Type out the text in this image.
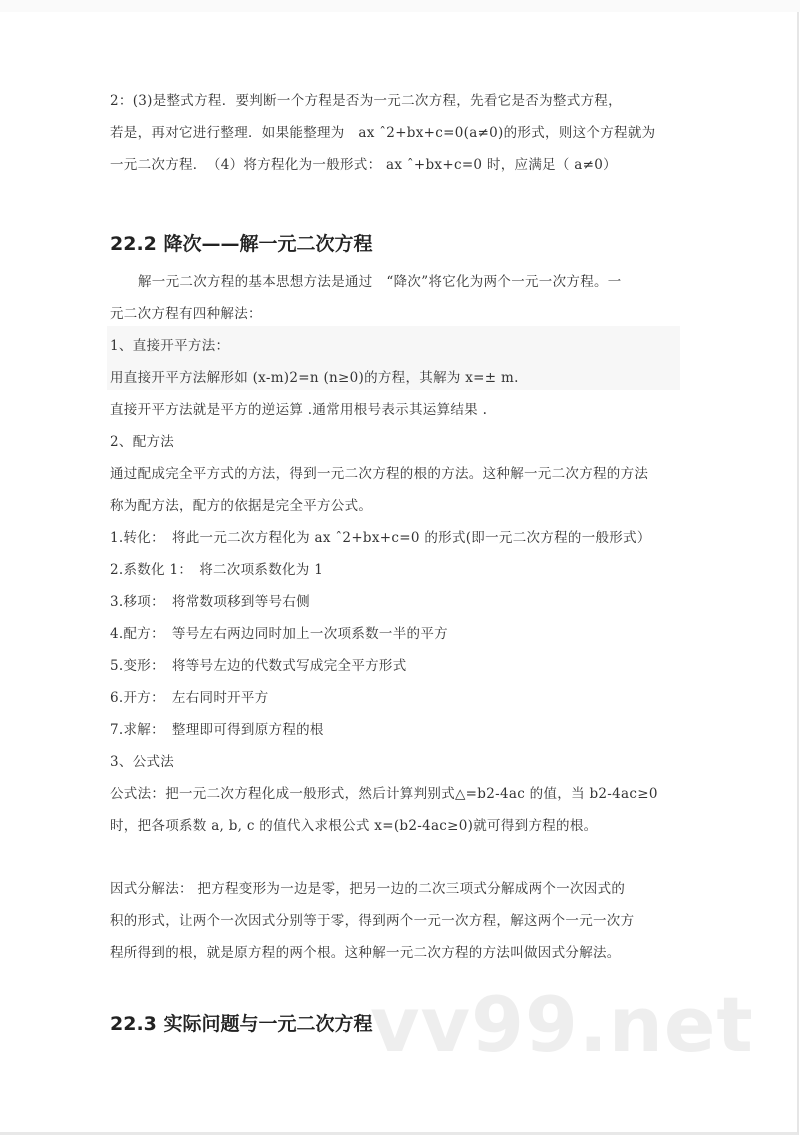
2：(3)是整式方程．要判断一个方程是否为一元二次方程，先看它是否为整式方程，
若是，再对它进行整理．如果能整理为　ax ˆ2+bx+c=0(a≠0)的形式，则这个方程就为
一元二次方程．　（4）将方程化为一般形式： ax ˆ+bx+c=0 时，应满足（ a≠0）
22.2 降次——解一元二次方程
解一元二次方程的基本思想方法是通过　“降次”将它化为两个一元一次方程。一
元二次方程有四种解法：
1、直接开平方法：
用直接开平方法解形如 (x-m)2=n (n≥0)的方程，其解为 x=± m.
直接开平方法就是平方的逆运算 .通常用根号表示其运算结果 .
2、配方法
通过配成完全平方式的方法，得到一元二次方程的根的方法。这种解一元二次方程的方法
称为配方法，配方的依据是完全平方公式。
1.转化：　将此一元二次方程化为 ax ˆ2+bx+c=0 的形式(即一元二次方程的一般形式）
2.系数化 1：　将二次项系数化为 1
3.移项：　将常数项移到等号右侧
4.配方：　等号左右两边同时加上一次项系数一半的平方
5.变形：　将等号左边的代数式写成完全平方形式
6.开方：　左右同时开平方
7.求解：　整理即可得到原方程的根
3、公式法
公式法：把一元二次方程化成一般形式，然后计算判别式△=b2-4ac 的值，当 b2-4ac≥0
时，把各项系数 a, b, c 的值代入求根公式 x=(b2-4ac≥0)就可得到方程的根。
因式分解法： 把方程变形为一边是零，把另一边的二次三项式分解成两个一次因式的
积的形式，让两个一次因式分别等于零，得到两个一元一次方程，解这两个一元一次方
程所得到的根，就是原方程的两个根。这种解一元二次方程的方法叫做因式分解法。
vv99.net
22.3 实际问题与一元二次方程
